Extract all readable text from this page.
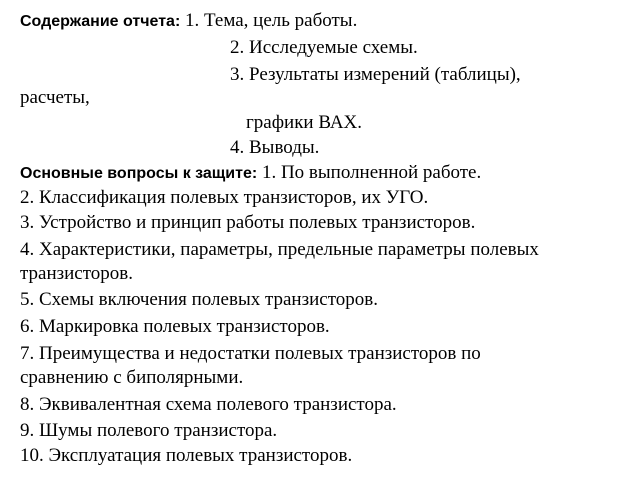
Содержание отчета: 1. Тема, цель работы.
2. Исследуемые схемы.
3. Результаты измерений (таблицы),
расчеты,
графики ВАХ.
4. Выводы.
Основные вопросы к защите: 1. По выполненной работе.
2. Классификация полевых транзисторов, их УГО.
3. Устройство и принцип работы полевых транзисторов.
4. Характеристики, параметры, предельные параметры полевых
транзисторов.
5. Схемы включения полевых транзисторов.
6. Маркировка полевых транзисторов.
7. Преимущества и недостатки полевых транзисторов по
сравнению с биполярными.
8. Эквивалентная схема полевого транзистора.
9. Шумы полевого транзистора.
10. Эксплуатация полевых транзисторов.
